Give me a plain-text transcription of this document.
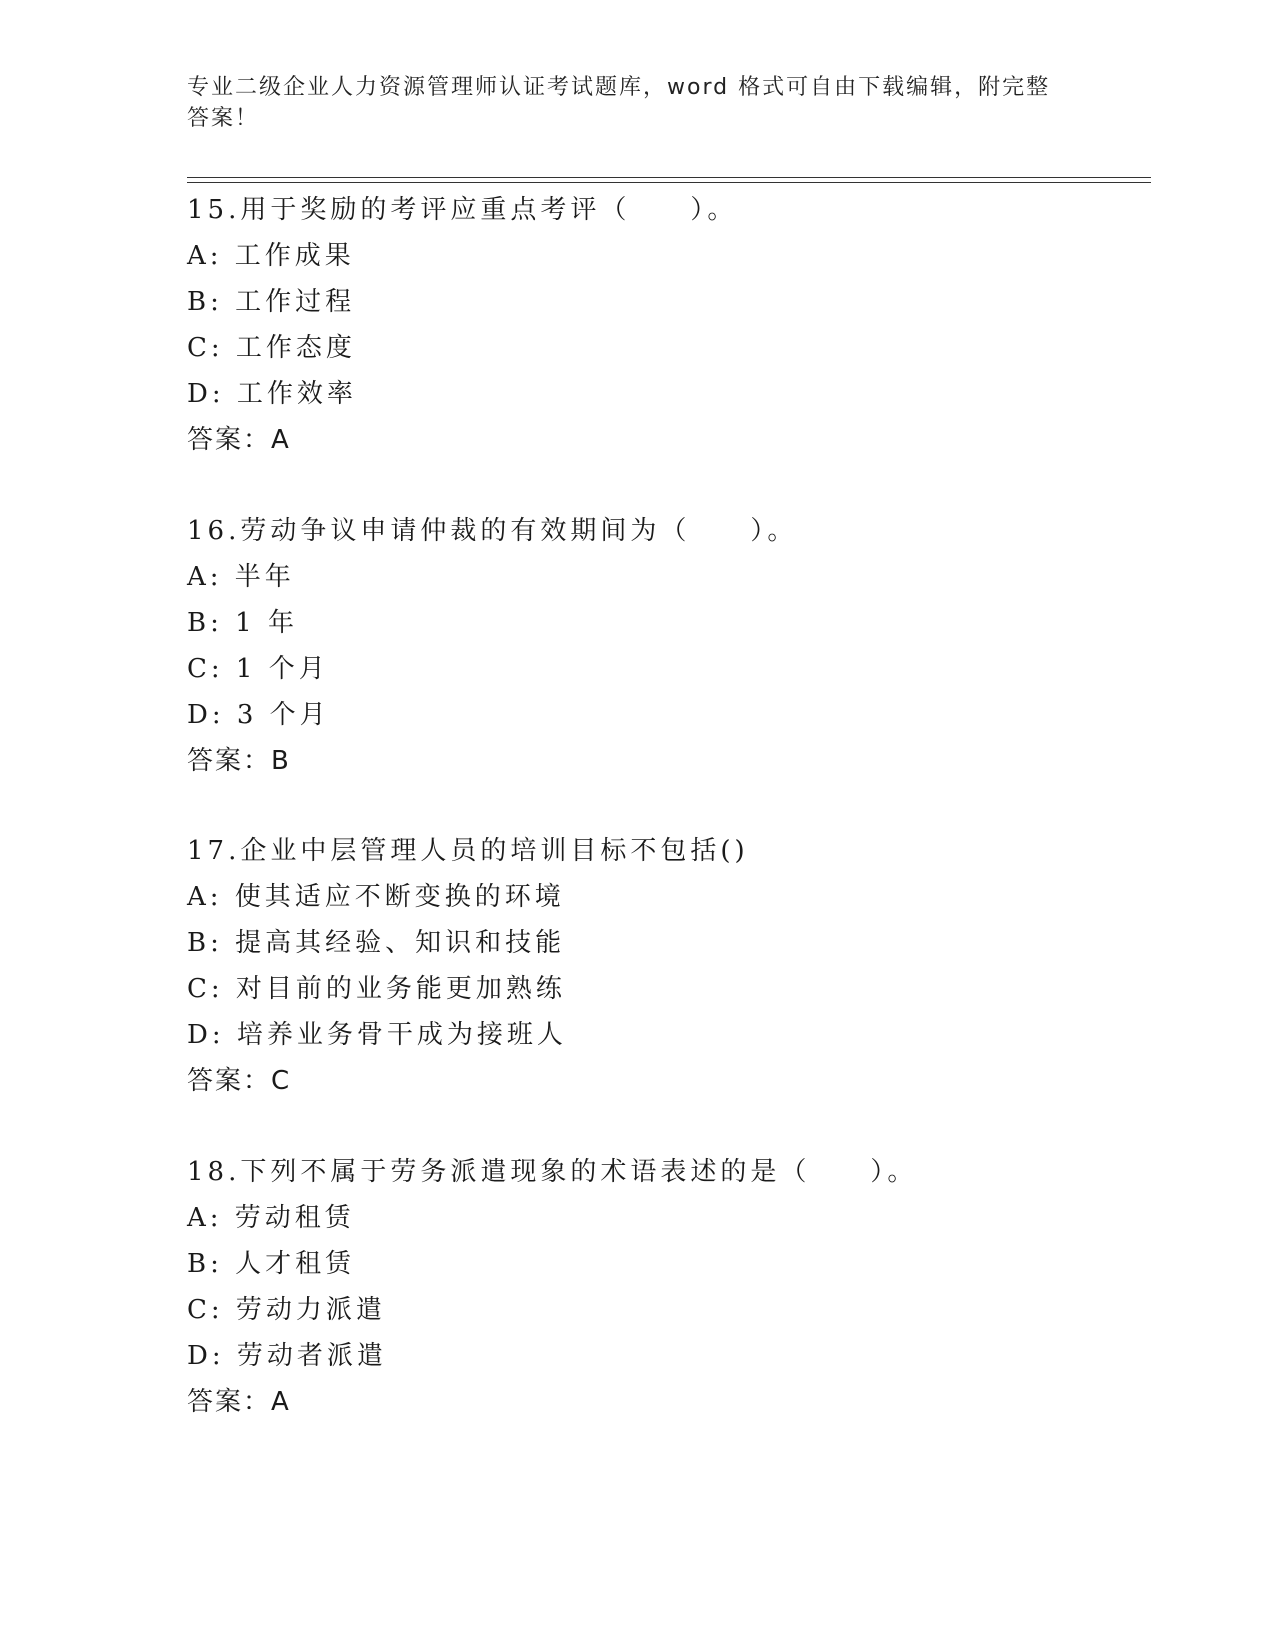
专业二级企业人力资源管理师认证考试题库，word 格式可自由下载编辑，附完整答案！
15.用于奖励的考评应重点考评（　　）。
A: 工作成果
B: 工作过程
C: 工作态度
D: 工作效率
答案：A
16.劳动争议申请仲裁的有效期间为（　　）。
A: 半年
B: 1 年
C: 1 个月
D: 3 个月
答案：B
17.企业中层管理人员的培训目标不包括()
A: 使其适应不断变换的环境
B: 提高其经验、知识和技能
C: 对目前的业务能更加熟练
D: 培养业务骨干成为接班人
答案：C
18.下列不属于劳务派遣现象的术语表述的是（　　）。
A: 劳动租赁
B: 人才租赁
C: 劳动力派遣
D: 劳动者派遣
答案：A
